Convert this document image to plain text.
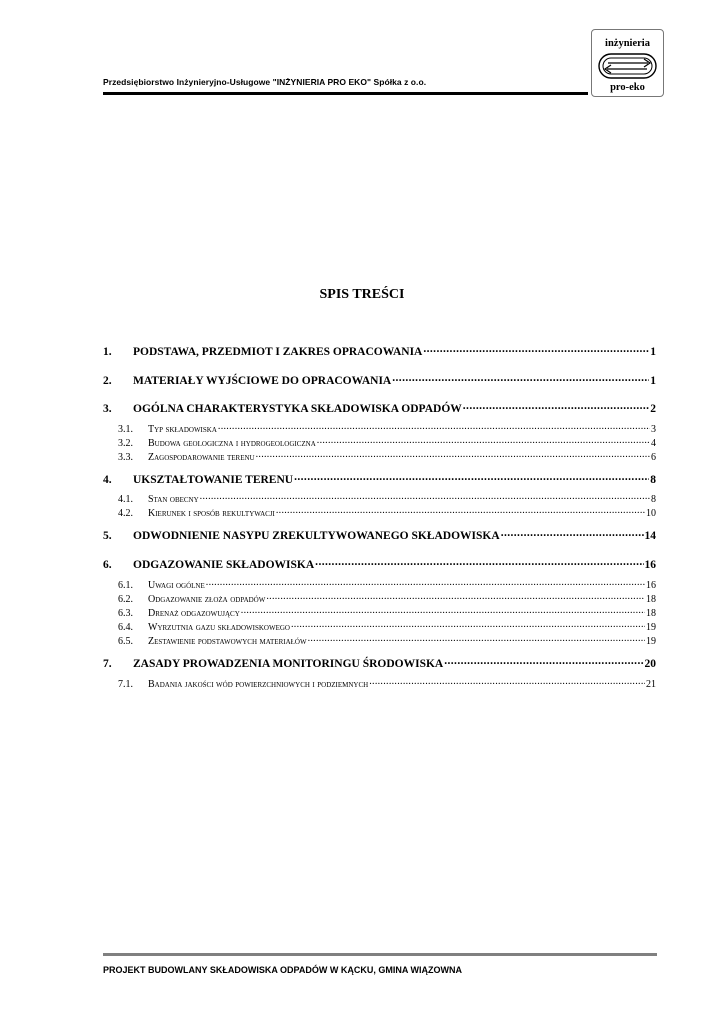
Przedsiębiorstwo Inżynieryjno-Usługowe "INŻYNIERIA PRO EKO" Spółka z o.o.
inżynieria
pro-eko
SPIS TREŚCI
1.	PODSTAWA, PRZEDMIOT I ZAKRES OPRACOWANIA .....	1
2.	MATERIAŁY WYJŚCIOWE DO OPRACOWANIA .....	1
3.	OGÓLNA CHARAKTERYSTYKA SKŁADOWISKA ODPADÓW .....	2
3.1.	Typ składowiska .....	3
3.2.	Budowa geologiczna i hydrogeologiczna .....	4
3.3.	Zagospodarowanie terenu .....	6
4.	UKSZTAŁTOWANIE TERENU .....	8
4.1.	Stan obecny .....	8
4.2.	Kierunek i sposób rekultywacji .....	10
5.	ODWODNIENIE NASYPU ZREKULTYWOWANEGO SKŁADOWISKA .....	14
6.	ODGAZOWANIE SKŁADOWISKA .....	16
6.1.	Uwagi ogólne .....	16
6.2.	Odgazowanie złoża odpadów .....	18
6.3.	Drenaż odgazowujący .....	18
6.4.	Wyrzutnia gazu składowiskowego .....	19
6.5.	Zestawienie podstawowych materiałów .....	19
7.	ZASADY PROWADZENIA MONITORINGU ŚRODOWISKA .....	20
7.1.	Badania jakości wód powierzchniowych i podziemnych .....	21
PROJEKT BUDOWLANY SKŁADOWISKA ODPADÓW W KĄCKU, GMINA WIĄZOWNA
